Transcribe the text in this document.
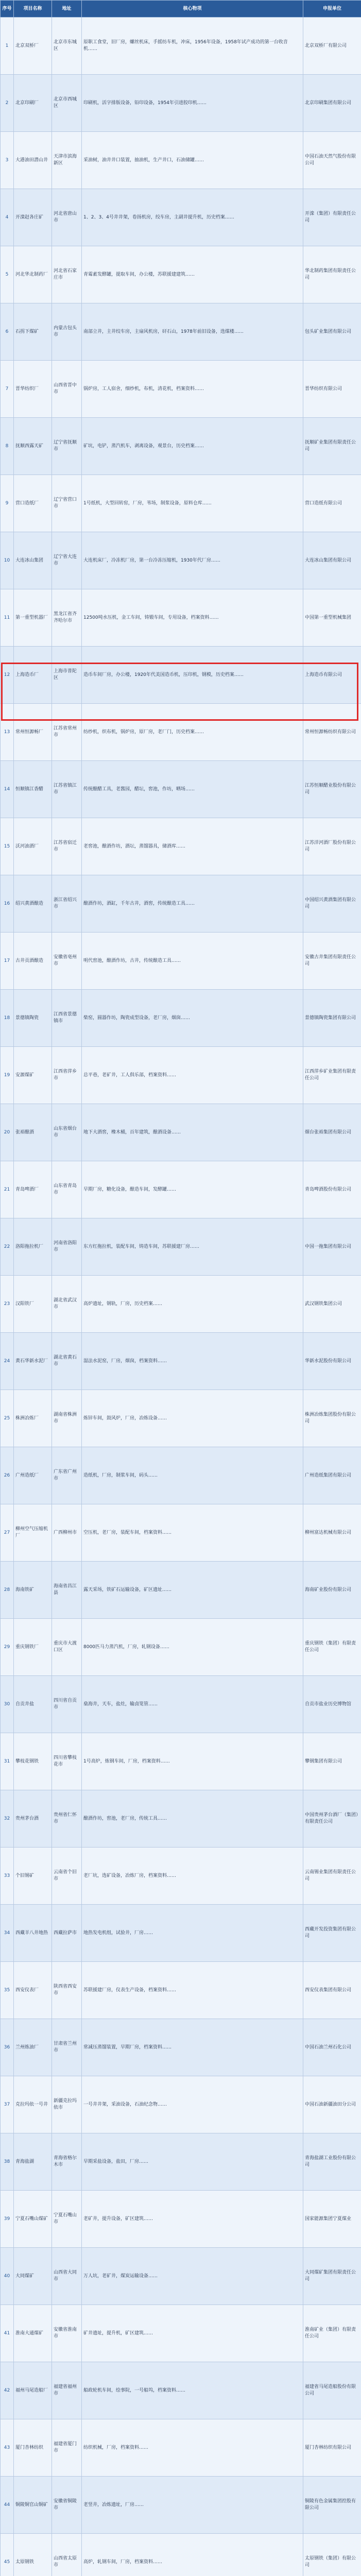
序号	项目名称	地址	核心物项	申报单位
1	北京双桥厂	北京市东城区	原职工食堂，旧厂房，螺丝机床，手摇纺车机，冲床，1956年设备，1958年试产成功的第一台收音机……	北京双桥厂有限公司
2	北京印刷厂	北京市西城区	印刷机，活字排版设备，铅印设备，1954年引进胶印机……	北京印刷集团有限公司
3	大港油田潜山井	天津市滨海新区	采油树，油井井口装置，抽油机，生产井口，石油储罐……	中国石油天然气股份有限公司
4	开滦赵各庄矿	河北省唐山市	1、2、3、4号井井架，卷扬机房，绞车房，主副井提升机，历史档案……	开滦（集团）有限责任公司
5	河北华北制药厂	河北省石家庄市	青霉素发酵罐，提取车间，办公楼，苏联援建建筑……	华北制药集团有限责任公司
6	石拐下煤矿	内蒙古包头市	南部立井，主井绞车房，主扇风机房，矸石山，1978年前旧设备，选煤楼……	包头矿业集团有限公司
7	晋华纺织厂	山西省晋中市	锅炉房，工人宿舍，细纱机，布机，清花机，档案资料……	晋华纺织有限公司
8	抚顺西露天矿	辽宁省抚顺市	矿坑，电铲，蒸汽机车，剥离设备，观景台，历史档案……	抚顺矿业集团有限责任公司
9	营口造纸厂	辽宁省营口市	1号纸机，大型回转窑，厂房，苇场，制浆设备，原料仓库……	营口造纸有限公司
10	大连冰山集团	辽宁省大连市	大连机床厂，冷冻机厂房，第一台冷冻压缩机，1930年代厂房……	大连冰山集团有限公司
11	第一重型机器厂	黑龙江省齐齐哈尔市	12500吨水压机，金工车间，铸锻车间，专用设备，档案资料……	中国第一重型机械集团
12	上海造币厂	上海市普陀区	造币车间厂房，办公楼，1920年代美国造币机，压印机，钢模，历史档案……	上海造币有限公司
13	常州恒源畅厂	江苏省常州市	纺纱机，织布机，锅炉房，原厂房，老厂门，历史档案……	常州恒源畅纺织有限公司
14	恒顺镇江香醋	江苏省镇江市	传统酿醋工具，老酱园，醋坛，窖池，作坊，晒场……	江苏恒顺醋业股份有限公司
15	沃河油酒厂	江苏省宿迁市	老窖池，酿酒作坊，酒坛，蒸馏器具，储酒库……	江苏洋河酒厂股份有限公司
16	绍兴黄酒酿造	浙江省绍兴市	酿酒作坊，酒缸，千年古井，酒窖，传统酿造工具……	中国绍兴黄酒集团有限公司
17	古井贡酒酿造	安徽省亳州市	明代窖池，酿酒作坊，古井，传统酿造工具……	安徽古井集团有限责任公司
18	景德镇陶瓷	江西省景德镇市	柴窑，圆器作坊，陶瓷成型设备，老厂房，烟囱……	景德镇陶瓷集团有限公司
19	安源煤矿	江西省萍乡市	总平巷，老矿井，工人俱乐部，档案资料……	江西萍乡矿业集团有限责任公司
20	张裕酿酒	山东省烟台市	地下大酒窖，橡木桶，百年建筑，酿酒设备……	烟台张裕集团有限公司
21	青岛啤酒厂	山东省青岛市	早期厂房，糖化设备，酿造车间，发酵罐……	青岛啤酒股份有限公司
22	洛阳拖拉机厂	河南省洛阳市	东方红拖拉机，装配车间，铸造车间，苏联援建厂房……	中国一拖集团有限公司
23	汉阳铁厂	湖北省武汉市	高炉遗址，钢轨，厂房，历史档案……	武汉钢铁集团公司
24	黄石华新水泥厂	湖北省黄石市	湿法水泥窑，厂房，烟囱，档案资料……	华新水泥股份有限公司
25	株洲冶炼厂	湖南省株洲市	炼锌车间，鼓风炉，厂房，冶炼设备……	株洲冶炼集团股份有限公司
26	广州造纸厂	广东省广州市	造纸机，厂房，制浆车间，码头……	广州造纸集团有限公司
27	柳州空气压缩机厂	广西柳州市	空压机，老厂房，装配车间，档案资料……	柳州富达机械有限公司
28	海南铁矿	海南省昌江县	露天采场，铁矿石运输设备，矿区遗址……	海南矿业股份有限公司
29	重庆钢铁厂	重庆市大渡口区	8000匹马力蒸汽机，厂房，轧钢设备……	重庆钢铁（集团）有限责任公司
30	自贡井盐	四川省自贡市	燊海井，天车，盐灶，输卤笕管……	自贡市盐业历史博物馆
31	攀枝花钢铁	四川省攀枝花市	1号高炉，炼钢车间，厂房，档案资料……	攀钢集团有限公司
32	贵州茅台酒	贵州省仁怀市	酿酒作坊，窖池，老厂房，传统工具……	中国贵州茅台酒厂（集团）有限责任公司
33	个旧锡矿	云南省个旧市	老厂坑，选矿设备，冶炼厂房，档案资料……	云南锡业集团有限责任公司
34	西藏羊八井地热	西藏拉萨市	地热发电机组，试验井，厂房……	西藏开发投资集团有限公司
35	西安仪表厂	陕西省西安市	苏联援建厂房，仪表生产设备，档案资料……	西安仪表集团有限公司
36	兰州炼油厂	甘肃省兰州市	常减压蒸馏装置，早期厂房，档案资料……	中国石油兰州石化公司
37	克拉玛依一号井	新疆克拉玛依市	一号井井架，采油设备，石油纪念物……	中国石油新疆油田分公司
38	青海盐湖	青海省格尔木市	早期采盐设备，盐田，厂房……	青海盐湖工业股份有限公司
39	宁夏石嘴山煤矿	宁夏石嘴山市	老矿井，提升设备，矿区建筑……	国家能源集团宁夏煤业
40	大同煤矿	山西省大同市	万人坑，老矿井，煤炭运输设备……	大同煤矿集团有限责任公司
41	淮南大通煤矿	安徽省淮南市	矿井遗址，提升机，矿区建筑……	淮南矿业（集团）有限责任公司
42	福州马尾造船厂	福建省福州市	船政轮机车间，绘事院，一号船坞，档案资料……	福建省马尾造船股份有限公司
43	厦门杏林纺织	福建省厦门市	纺织机械，厂房，档案资料……	厦门杏林纺织有限公司
44	铜陵铜官山铜矿	安徽省铜陵市	老竖井，冶炼遗址，厂房……	铜陵有色金属集团控股有限公司
45	太原钢铁	山西省太原市	高炉，轧钢车间，厂房，档案资料……	太原钢铁（集团）有限公司
